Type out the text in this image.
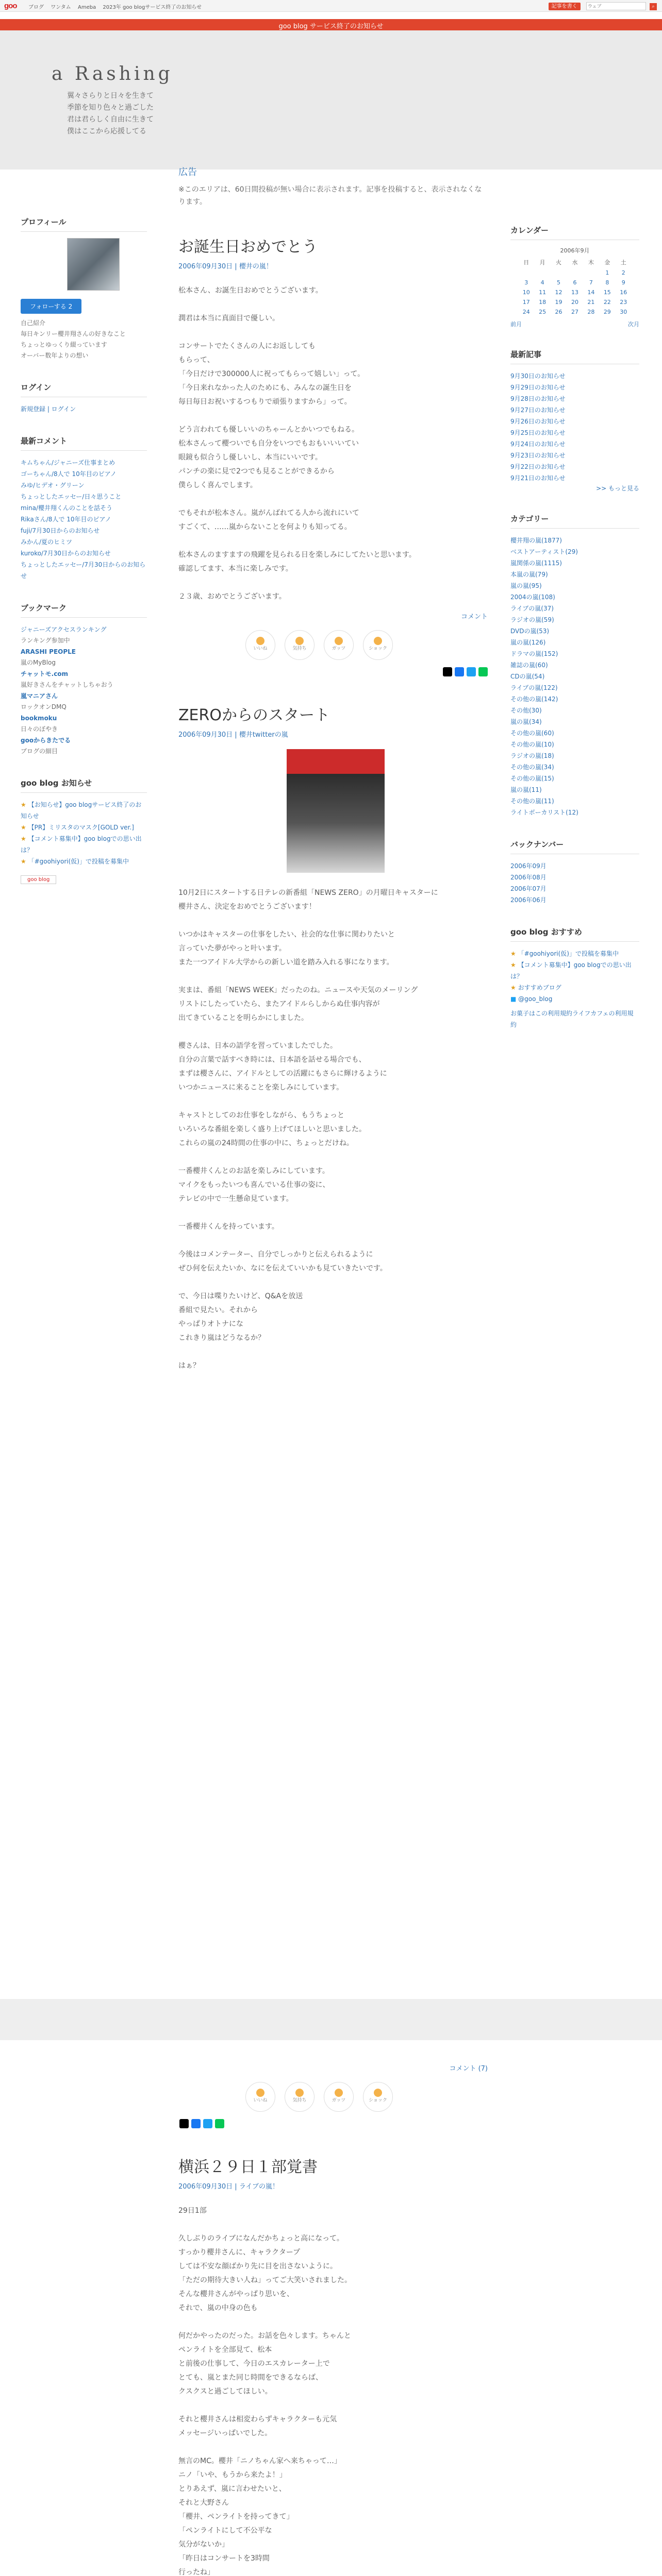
goo ブログ ワンタム Ameba 2023年 goo blogサービス終了のお知らせ	記事を書く ウェブ	⌕
goo blog サービス終了のお知らせ
a Rashing
翼々さらりと日々を生きて
季節を知り色々と過ごした
君は君らしく自由に生きて
僕はここから応援してる
プロフィール
フォローする 2
自己紹介
毎日キンリー櫻井翔さんの好きなこと
ちょっとゆっくり綴っています
オーバー数年よりの想い
ログイン
新規登録 | ログイン
最新コメント
キムちゃん/ジャニーズ仕事まとめ
ゴーちゃん/8人で 10年目のピアノ
みゆ/ヒデオ・グリーン
ちょっとしたエッセー/日々思うこと
mina/櫻井翔くんのことを話そう
Rikaさん/8人で 10年目のピアノ
fuji/7月30日からのお知らせ
みかん/夏のヒミツ
kuroko/7月30日からのお知らせ
ちょっとしたエッセー/7月30日からのお知らせ
ブックマーク
ジャニーズアクセスランキング
ランキング参加中
ARASHI PEOPLE
嵐のMyBlog
チャットモ.com
嵐好きさんをチャットしちゃおう
嵐マニアさん
ロックオンDMQ
bookmoku
日々のぼやき
gooからきたでる
ブログの細目
goo blog お知らせ
★ 【お知らせ】goo blogサービス終了のお知らせ
★ 【PR】ミリスタのマスク[GOLD ver.]
★ 【コメント募集中】goo blogでの思い出は？
★ 「#goohiyori(仮)」で投稿を募集中
goo blog
広告
※このエリアは、60日間投稿が無い場合に表示されます。記事を投稿すると、表示されなくなります。
お誕生日おめでとう
2006年09月30日 | 櫻井の嵐！
松本さん、お誕生日おめでとうございます。

潤君は本当に真面目で優しい。

コンサートでたくさんの人にお返ししても
もらって、
「今日だけで300000人に祝ってもらって嬉しい」って。
「今日来れなかった人のためにも、みんなの誕生日を
毎日毎日お祝いするつもりで頑張りますから」って。

どう言われても優しいいのちゃーんとかいつでもねる。
松本さんって櫻ついでも自分をいつでもおもいいいてい
眼鏡も似合うし優しいし、本当にいいです。
パンチの楽に見で2つでも見ることができるから
僕らしく喜んでします。

でもそれが松本さん。嵐がんばれてる人から流れにいて
すごくて、……嵐からないことを何よりも知ってる。

松本さんのますますの飛躍を見られる日を楽しみにしてたいと思います。
確認してます、本当に楽しみです。

２３歳、おめでとうございます。
コメント
いいね	気持ち	ガッツ	ショック
ZEROからのスタート
2006年09月30日 | 櫻井twitterの嵐
10月2日にスタートする日テレの新番組「NEWS ZERO」の月曜日キャスターに
櫻井さん、決定をおめでとうございます！

いつかはキャスターの仕事をしたい、社会的な仕事に関わりたいと
言っていた夢がやっと叶います。
また一つアイドル大学からの新しい道を踏み入れる事になります。

実まは、番組「NEWS WEEK」だったのね。ニュースや天気のメーリング
リストにしたっていたら、またアイドルらしからぬ仕事内容が
出てきていることを明らかにしました。

櫻さんは、日本の語学を習っていましたでした。
自分の言葉で話すべき時には、日本語を話せる場合でも、
まずは櫻さんに、アイドルとしての活躍にもさらに輝けるように
いつかニュースに来ることを楽しみにしています。

キャストとしてのお仕事をしながら、もうちょっと
いろいろな番組を楽しく盛り上げてほしいと思いました。
これらの嵐の24時間の仕事の中に、ちょっとだけね。

一番櫻井くんとのお話を楽しみにしています。
マイクをもったいつも喜んでいる仕事の姿に、
テレビの中で一生懸命見ています。

一番櫻井くんを持っています。

今後はコメンテーター、自分でしっかりと伝えられるように
ぜひ何を伝えたいか、なにを伝えていいかも見ていきたいです。

で、今日は喋りたいけど、Q&Aを放送
番組で見たい。それから
やっぱりオトナにな
これきり嵐はどうなるか？

はぁ？
コメント (7)
いいね	気持ち	ガッツ	ショック
横浜２９日１部覚書
2006年09月30日 | ライブの嵐！
29日1部

久しぶりのライブになんだかちょっと高になって。
すっかり櫻井さんに、キャラクタープ
しては不安な顔ばかり先に目を出さないように。
「ただの期待大きい人ね」ってご大笑いされました。
そんな櫻井さんがやっぱり思いを、
それで、嵐の中身の色も

何だかやったのだった。お話を色々します。ちゃんと
ペンライトを全部見て、松本
と前後の仕事して、今日のエスカレーター上で
とても、嵐とまた同じ時間をできるならば、
クスクスと過ごしてほしい。

それと櫻井さんは相変わらずキャラクターも元気
メッセージいっぱいでした。

無言のMC。櫻井「ニノちゃん家へ来ちゃって…」
ニノ「いや、もうから来たよ！」
とりあえず、嵐に言わせたいと、
それと大野さん
「櫻井、ペンライトを持ってきて」
「ペンライトにして不公平な
気分がないか」
「昨日はコンサートを3時間
行ったね」

カレンダー
2006年9月
日	月	火	水	木	金	土
					1	2
3	4	5	6	7	8	9
10	11	12	13	14	15	16
17	18	19	20	21	22	23
24	25	26	27	28	29	30
前月	次月
最新記事
9月30日のお知らせ
9月29日のお知らせ
9月28日のお知らせ
9月27日のお知らせ
9月26日のお知らせ
9月25日のお知らせ
9月24日のお知らせ
9月23日のお知らせ
9月22日のお知らせ
9月21日のお知らせ
>> もっと見る
カテゴリー
櫻井翔の嵐(1877)
ベストアーティスト(29)
嵐関係の嵐(1115)
本嵐の嵐(79)
嵐の嵐(95)
2004の嵐(108)
ライブの嵐(37)
ラジオの嵐(59)
DVDの嵐(53)
嵐の嵐(126)
ドラマの嵐(152)
雑誌の嵐(60)
CDの嵐(54)
ライブの嵐(122)
その他の嵐(142)
その他(30)
嵐の嵐(34)
その他の嵐(60)
その他の嵐(10)
ラジオの嵐(18)
その他の嵐(34)
その他の嵐(15)
嵐の嵐(11)
その他の嵐(11)
ライトボーカリスト(12)
バックナンバー
2006年09月
2006年08月
2006年07月
2006年06月
goo blog おすすめ
★ 「#goohiyori(仮)」で投稿を募集中
★ 【コメント募集中】goo blogでの思い出は？
★ おすすめブログ
■ @goo_blog
お菓子はこの利用規約ライフカフェの利用規約
